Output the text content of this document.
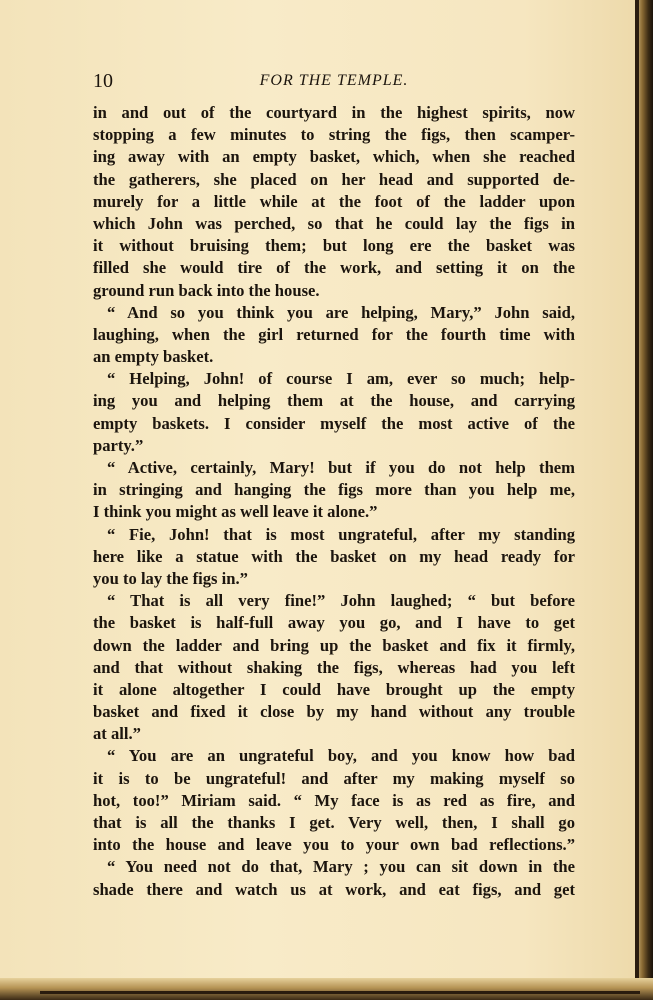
10	FOR THE TEMPLE.
in and out of the courtyard in the highest spirits, now
stopping a few minutes to string the figs, then scamper-
ing away with an empty basket, which, when she reached
the gatherers, she placed on her head and supported de-
murely for a little while at the foot of the ladder upon
which John was perched, so that he could lay the figs in
it without bruising them; but long ere the basket was
filled she would tire of the work, and setting it on the
ground run back into the house.
“ And so you think you are helping, Mary,” John said,
laughing, when the girl returned for the fourth time with
an empty basket.
“ Helping, John! of course I am, ever so much; help-
ing you and helping them at the house, and carrying
empty baskets. I consider myself the most active of the
party.”
“ Active, certainly, Mary! but if you do not help them
in stringing and hanging the figs more than you help me,
I think you might as well leave it alone.”
“ Fie, John! that is most ungrateful, after my standing
here like a statue with the basket on my head ready for
you to lay the figs in.”
“ That is all very fine!” John laughed; “ but before
the basket is half-full away you go, and I have to get
down the ladder and bring up the basket and fix it firmly,
and that without shaking the figs, whereas had you left
it alone altogether I could have brought up the empty
basket and fixed it close by my hand without any trouble
at all.”
“ You are an ungrateful boy, and you know how bad
it is to be ungrateful! and after my making myself so
hot, too!” Miriam said. “ My face is as red as fire, and
that is all the thanks I get. Very well, then, I shall go
into the house and leave you to your own bad reflections.”
“ You need not do that, Mary ; you can sit down in the
shade there and watch us at work, and eat figs, and get
